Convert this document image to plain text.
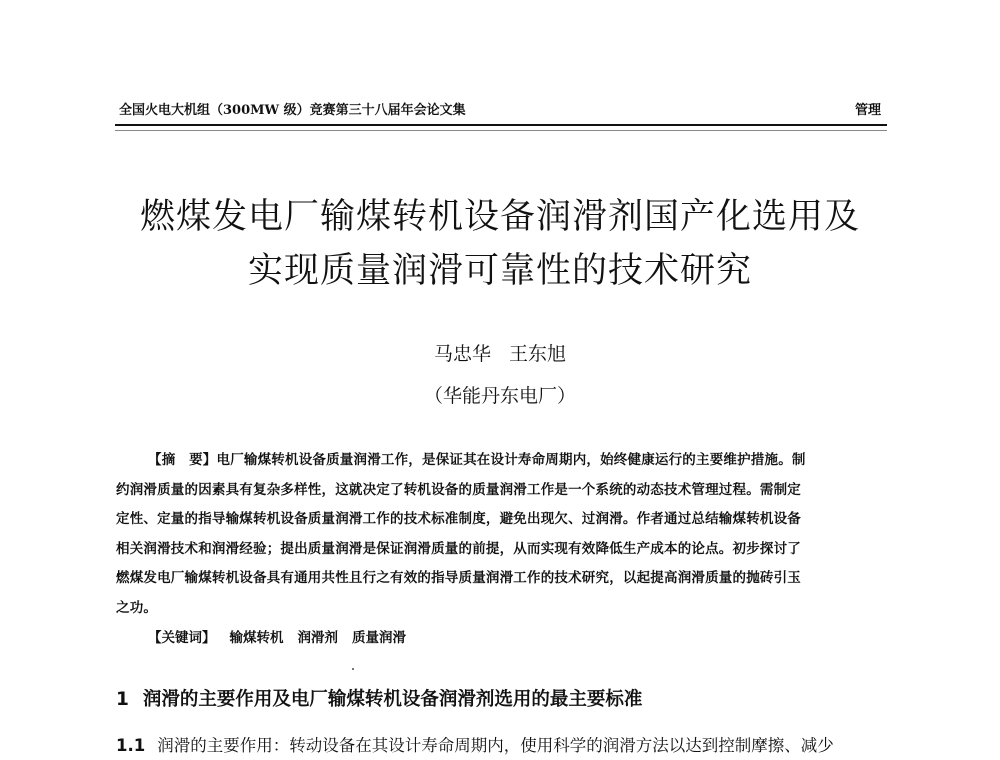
全国火电大机组（300MW 级）竞赛第三十八届年会论文集	管理
燃煤发电厂输煤转机设备润滑剂国产化选用及
实现质量润滑可靠性的技术研究
马忠华 王东旭
（华能丹东电厂）
【摘　要】电厂输煤转机设备质量润滑工作，是保证其在设计寿命周期内，始终健康运行的主要维护措施。制
约润滑质量的因素具有复杂多样性，这就决定了转机设备的质量润滑工作是一个系统的动态技术管理过程。需制定
定性、定量的指导输煤转机设备质量润滑工作的技术标准制度，避免出现欠、过润滑。作者通过总结输煤转机设备
相关润滑技术和润滑经验；提出质量润滑是保证润滑质量的前提，从而实现有效降低生产成本的论点。初步探讨了
燃煤发电厂输煤转机设备具有通用共性且行之有效的指导质量润滑工作的技术研究，以起提高润滑质量的抛砖引玉
之功。
【关键词】 输煤转机 润滑剂 质量润滑
1 润滑的主要作用及电厂输煤转机设备润滑剂选用的最主要标准
1.1 润滑的主要作用：转动设备在其设计寿命周期内，使用科学的润滑方法以达到控制摩擦、减少
